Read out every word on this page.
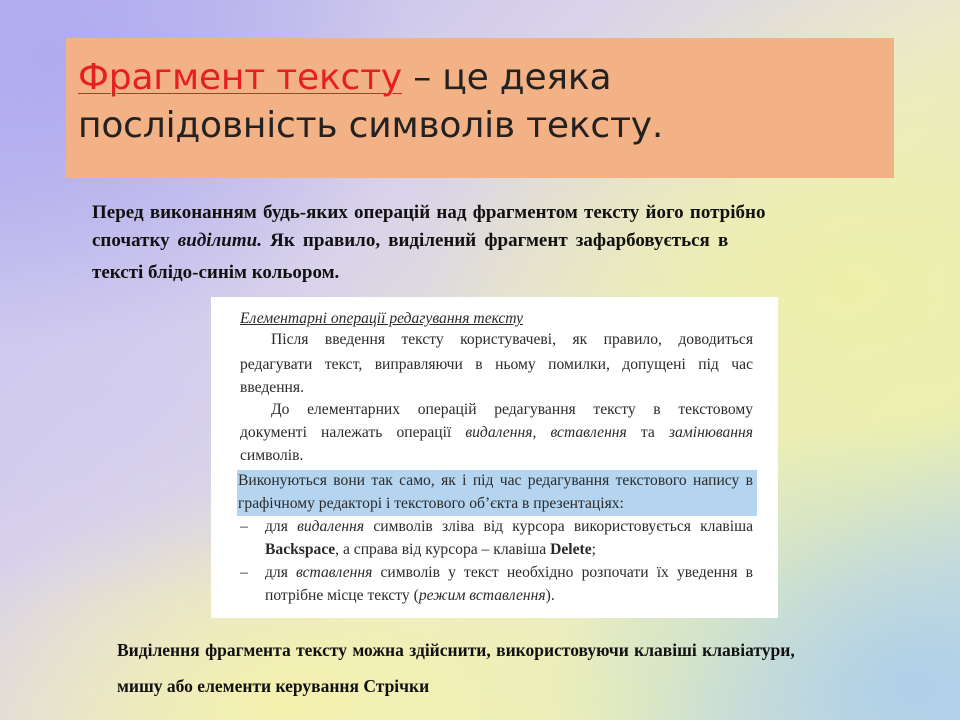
Фрагмент тексту – це деяка
послідовність символів тексту.
Перед виконанням будь-яких операцій над фрагментом тексту його потрібно
спочатку виділити. Як правило, виділений фрагмент зафарбовується в
тексті блідо-синім кольором.
Елементарні операції редагування тексту
Після введення тексту користувачеві, як правило, доводиться
редагувати текст, виправляючи в ньому помилки, допущені під час
введення.
До елементарних операцій редагування тексту в текстовому
документі належать операції видалення, вставлення та замінювання
символів.
Виконуються вони так само, як і під час редагування текстового напису в
графічному редакторі і текстового об’єкта в презентаціях:
– для видалення символів зліва від курсора використовується клавіша
Backspace, а справа від курсора – клавіша Delete;
– для вставлення символів у текст необхідно розпочати їх уведення в
потрібне місце тексту (режим вставлення).
Виділення фрагмента тексту можна здійснити, використовуючи клавіші клавіатури,
мишу або елементи керування Стрічки
